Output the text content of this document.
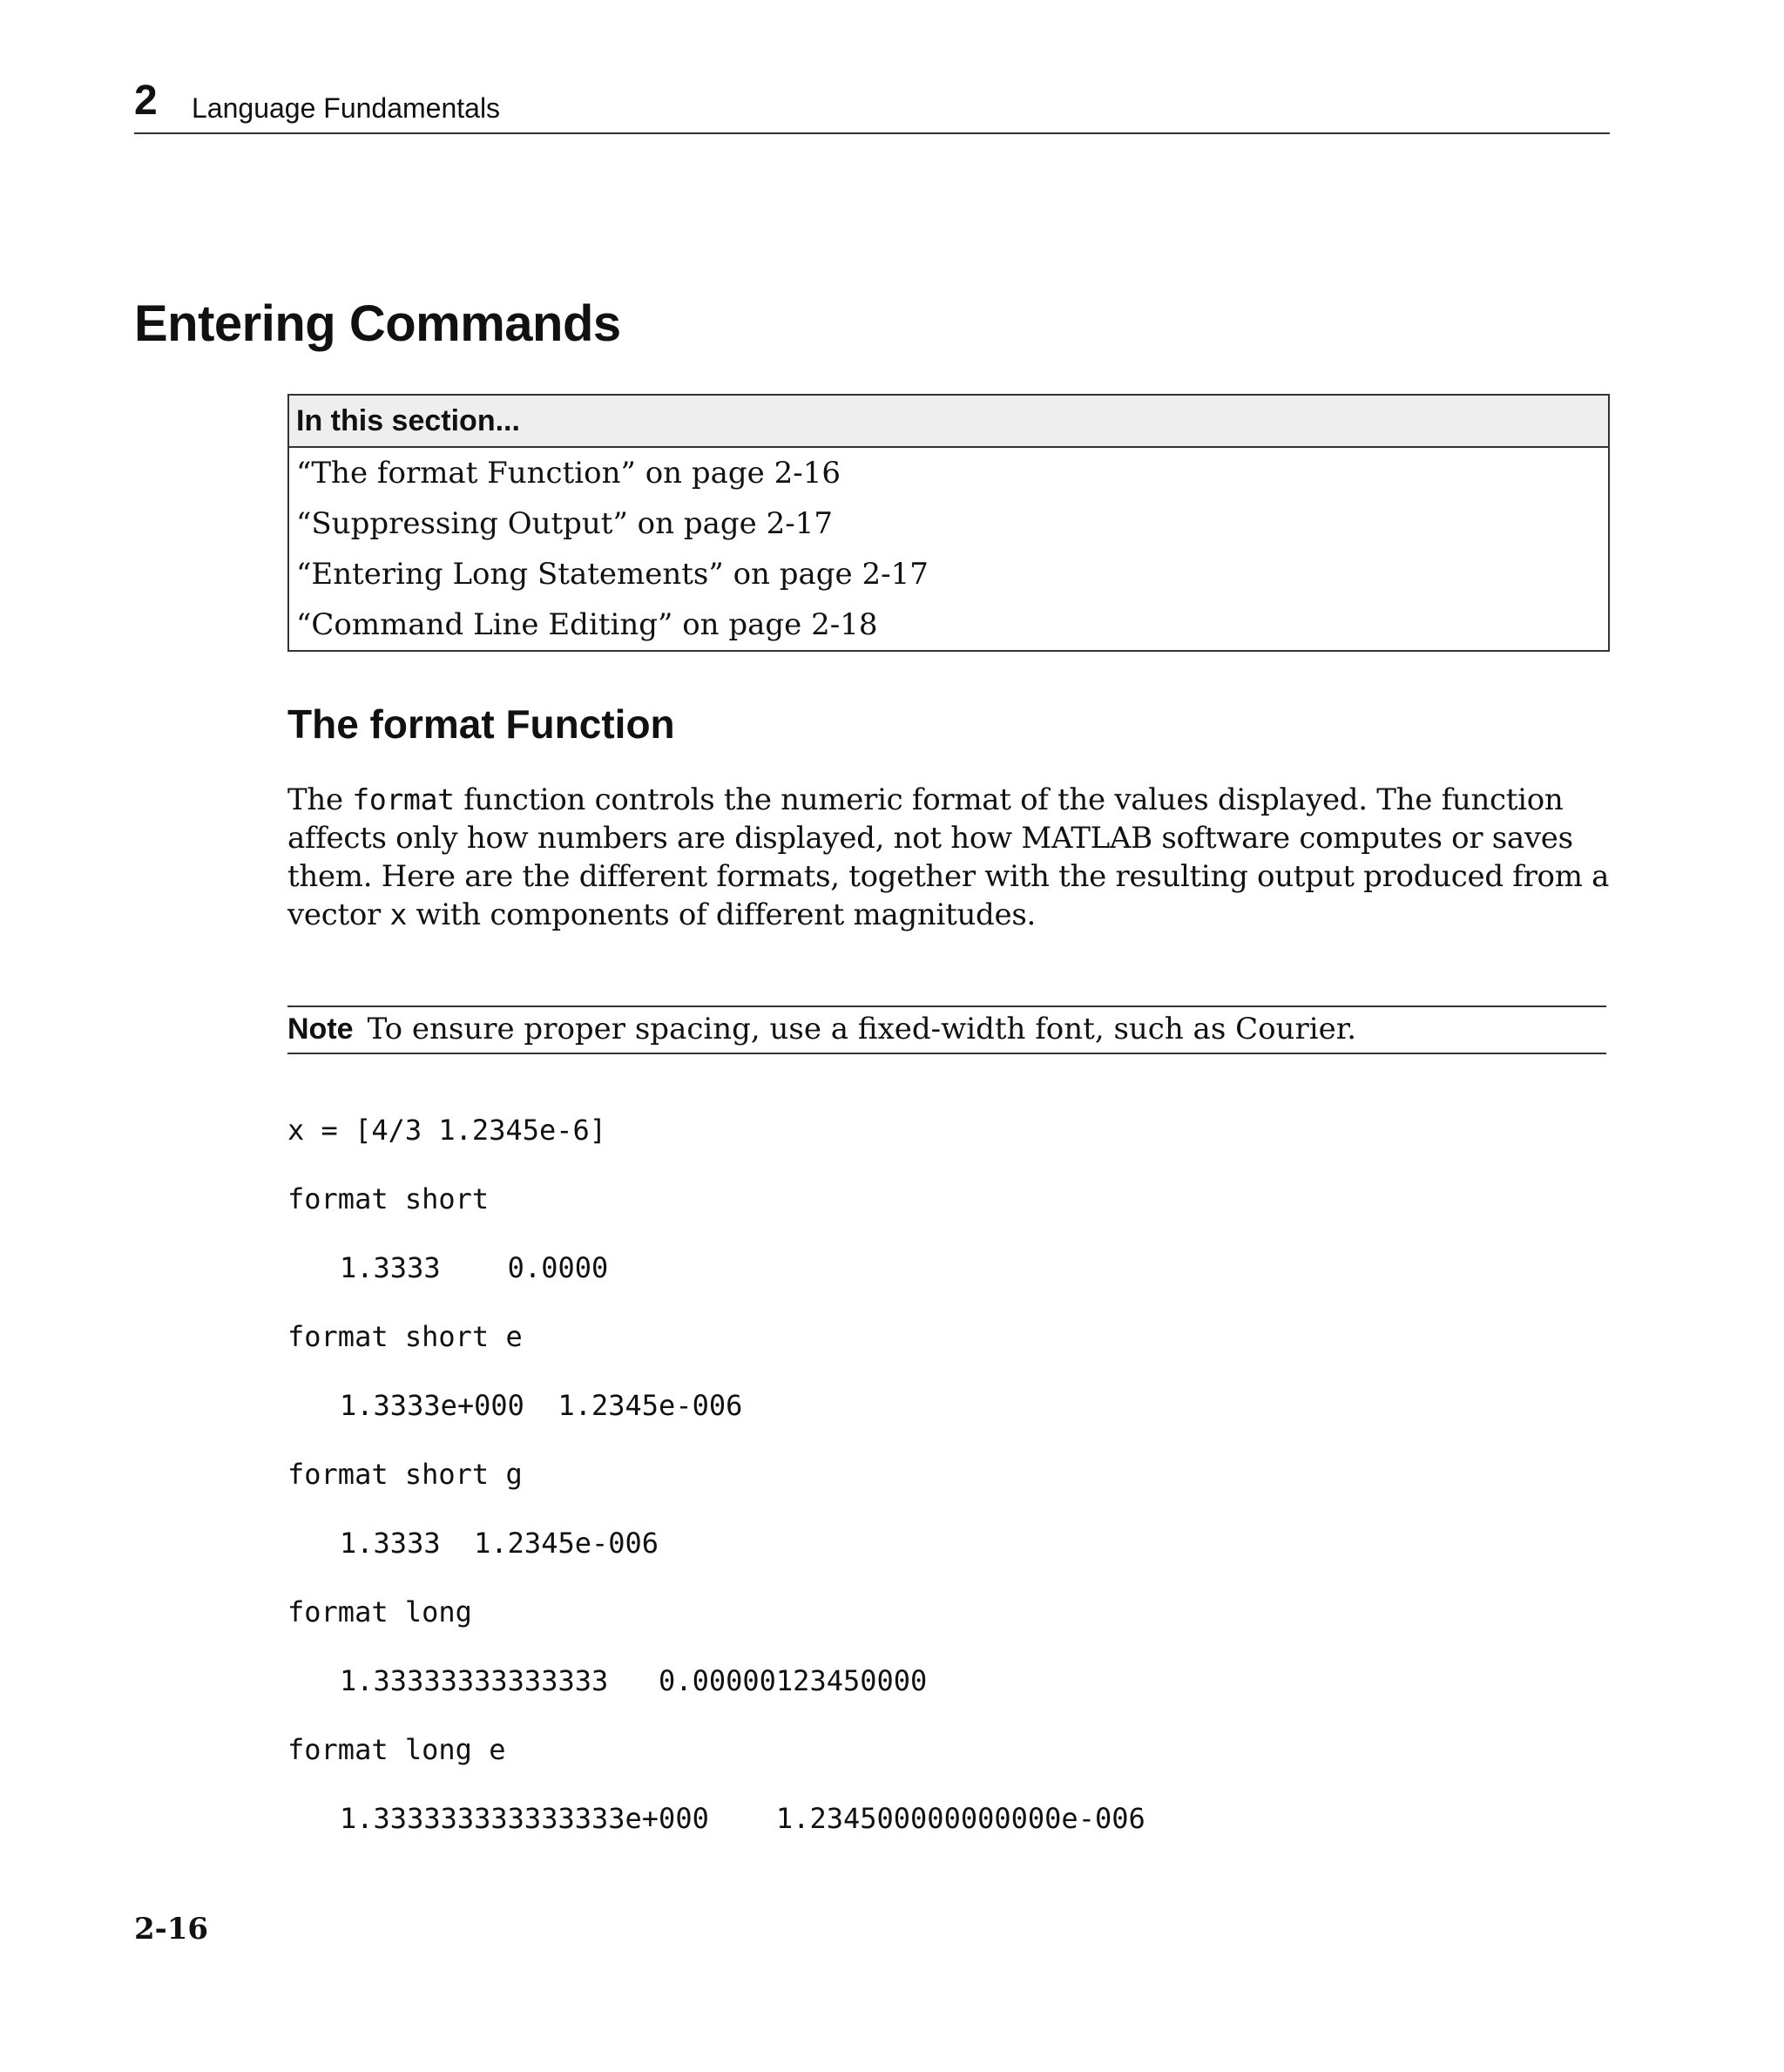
2 Language Fundamentals
Entering Commands
In this section...
“The format Function” on page 2-16
“Suppressing Output” on page 2-17
“Entering Long Statements” on page 2-17
“Command Line Editing” on page 2-18
The format Function

The format function controls the numeric format of the values displayed. The function affects only how numbers are displayed, not how MATLAB software computes or saves them. Here are the different formats, together with the resulting output produced from a vector x with components of different magnitudes.

Note To ensure proper spacing, use a fixed-width font, such as Courier.
x = [4/3 1.2345e-6]
format short
1.3333    0.0000
format short e
1.3333e+000  1.2345e-006
format short g
1.3333  1.2345e-006
format long
1.33333333333333   0.00000123450000
format long e
1.333333333333333e+000    1.234500000000000e-006
2-16
